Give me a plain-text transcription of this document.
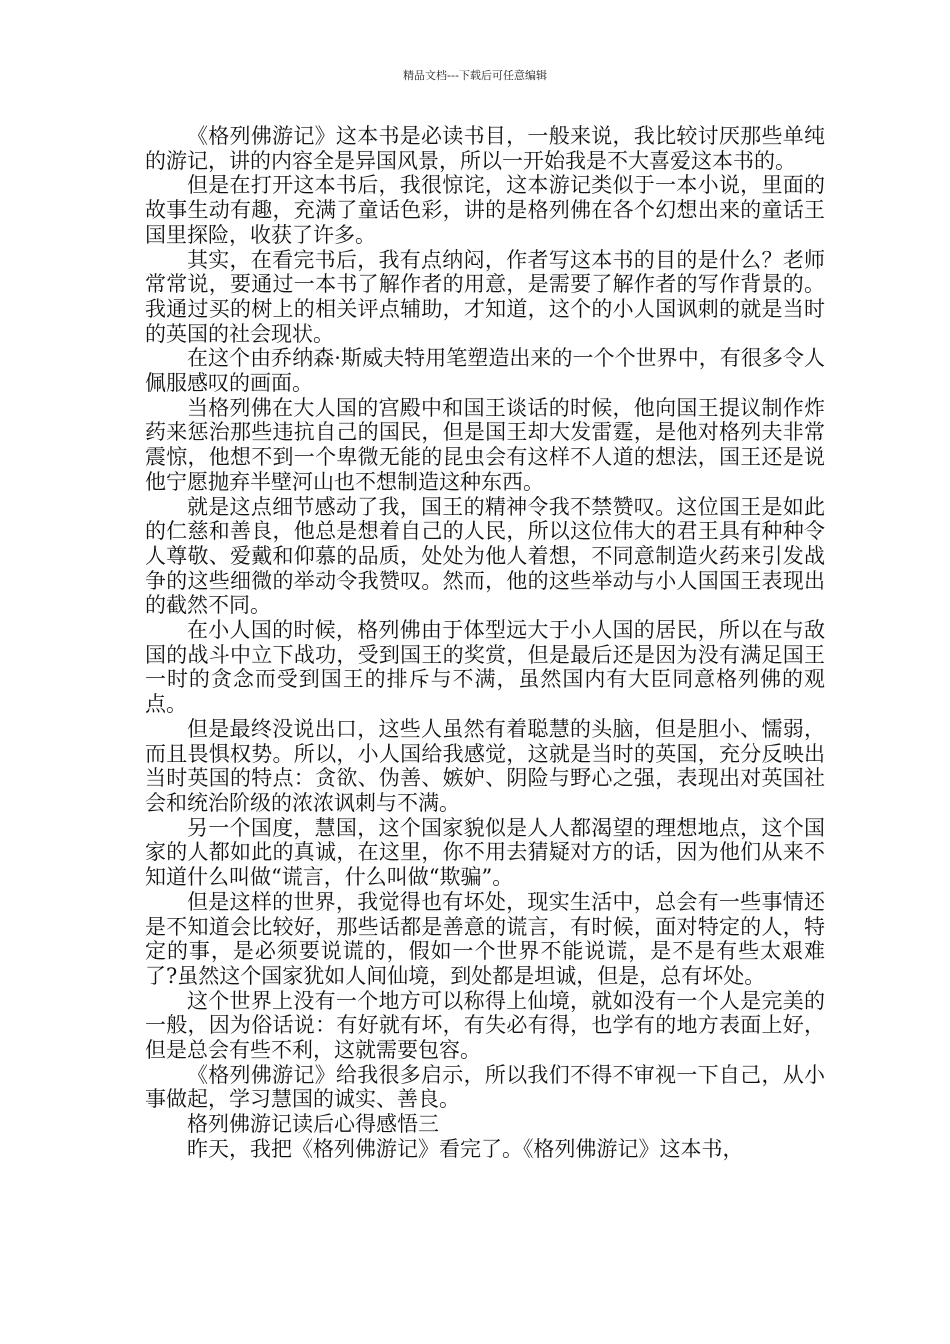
精品文档---下载后可任意编辑

《格列佛游记》这本书是必读书目，一般来说，我比较讨厌那些单纯的游记，讲的内容全是异国风景，所以一开始我是不大喜爱这本书的。

但是在打开这本书后，我很惊诧，这本游记类似于一本小说，里面的故事生动有趣，充满了童话色彩，讲的是格列佛在各个幻想出来的童话王国里探险，收获了许多。

其实，在看完书后，我有点纳闷，作者写这本书的目的是什么？老师常常说，要通过一本书了解作者的用意，是需要了解作者的写作背景的。我通过买的树上的相关评点辅助，才知道，这个的小人国讽刺的就是当时的英国的社会现状。

在这个由乔纳森·斯威夫特用笔塑造出来的一个个世界中，有很多令人佩服感叹的画面。

当格列佛在大人国的宫殿中和国王谈话的时候，他向国王提议制作炸药来惩治那些违抗自己的国民，但是国王却大发雷霆，是他对格列夫非常震惊，他想不到一个卑微无能的昆虫会有这样不人道的想法，国王还是说他宁愿抛弃半壁河山也不想制造这种东西。

就是这点细节感动了我，国王的精神令我不禁赞叹。这位国王是如此的仁慈和善良，他总是想着自己的人民，所以这位伟大的君王具有种种令人尊敬、爱戴和仰慕的品质，处处为他人着想，不同意制造火药来引发战争的这些细微的举动令我赞叹。然而，他的这些举动与小人国国王表现出的截然不同。

在小人国的时候，格列佛由于体型远大于小人国的居民，所以在与敌国的战斗中立下战功，受到国王的奖赏，但是最后还是因为没有满足国王一时的贪念而受到国王的排斥与不满，虽然国内有大臣同意格列佛的观点。

但是最终没说出口，这些人虽然有着聪慧的头脑，但是胆小、懦弱，而且畏惧权势。所以，小人国给我感觉，这就是当时的英国，充分反映出当时英国的特点：贪欲、伪善、嫉妒、阴险与野心之强，表现出对英国社会和统治阶级的浓浓讽刺与不满。

另一个国度，慧国，这个国家貌似是人人都渴望的理想地点，这个国家的人都如此的真诚，在这里，你不用去猜疑对方的话，因为他们从来不知道什么叫做“谎言，什么叫做“欺骗”。

但是这样的世界，我觉得也有坏处，现实生活中，总会有一些事情还是不知道会比较好，那些话都是善意的谎言，有时候，面对特定的人，特定的事，是必须要说谎的，假如一个世界不能说谎，是不是有些太艰难了?虽然这个国家犹如人间仙境，到处都是坦诚，但是，总有坏处。

这个世界上没有一个地方可以称得上仙境，就如没有一个人是完美的一般，因为俗话说：有好就有坏，有失必有得，也学有的地方表面上好，但是总会有些不利，这就需要包容。

《格列佛游记》给我很多启示，所以我们不得不审视一下自己，从小事做起，学习慧国的诚实、善良。

格列佛游记读后心得感悟三

昨天，我把《格列佛游记》看完了。《格列佛游记》这本书，
